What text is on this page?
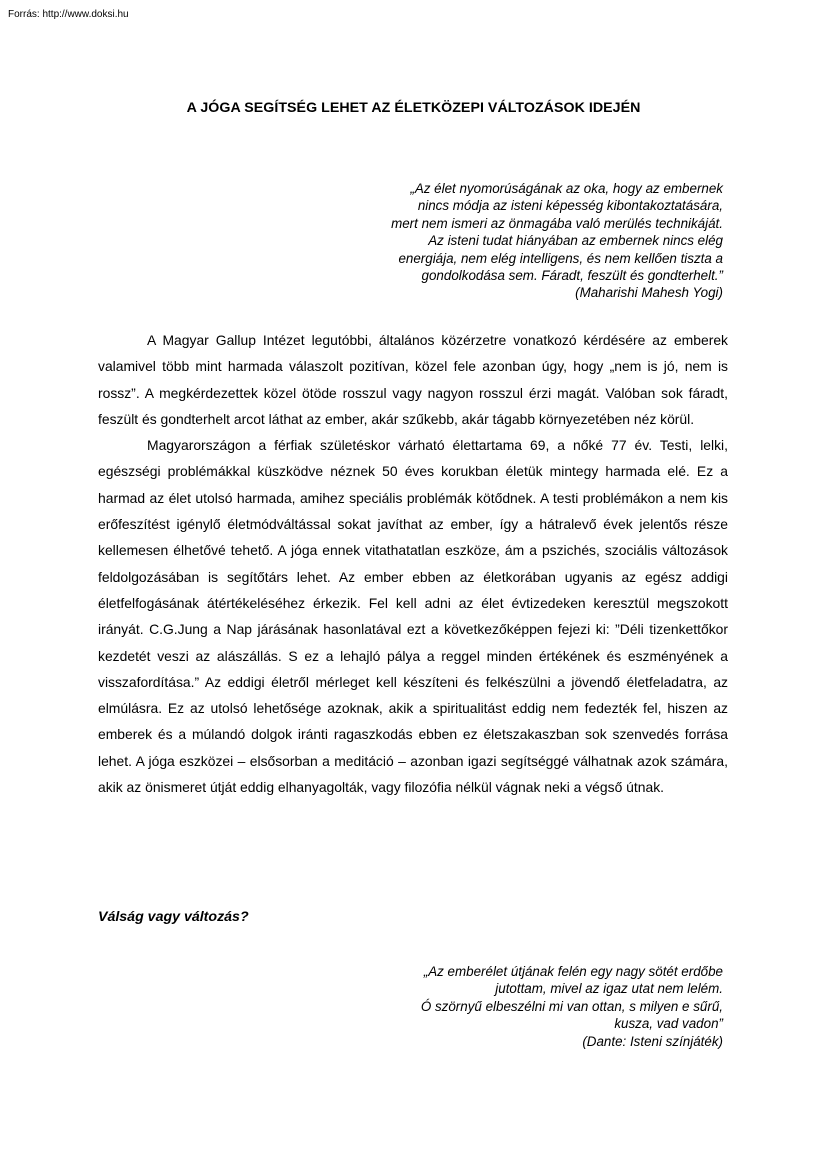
Forrás: http://www.doksi.hu
A JÓGA SEGÍTSÉG LEHET AZ ÉLETKÖZEPI VÁLTOZÁSOK IDEJÉN
„Az élet nyomorúságának az oka, hogy az embernek
nincs módja az isteni képesség kibontakoztatására,
mert nem ismeri az önmagába való merülés technikáját.
Az isteni tudat hiányában az embernek nincs elég
energiája, nem elég intelligens, és nem kellően tiszta a
gondolkodása sem. Fáradt, feszült és gondterhelt.”
(Maharishi Mahesh Yogi)

A Magyar Gallup Intézet legutóbbi, általános közérzetre vonatkozó kérdésére az emberek valamivel több mint harmada válaszolt pozitívan, közel fele azonban úgy, hogy „nem is jó, nem is rossz”. A megkérdezettek közel ötöde rosszul vagy nagyon rosszul érzi magát. Valóban sok fáradt, feszült és gondterhelt arcot láthat az ember, akár szűkebb, akár tágabb környezetében néz körül.

Magyarországon a férfiak születéskor várható élettartama 69, a nőké 77 év. Testi, lelki, egészségi problémákkal küszködve néznek 50 éves korukban életük mintegy harmada elé. Ez a harmad az élet utolsó harmada, amihez speciális problémák kötődnek. A testi problémákon a nem kis erőfeszítést igénylő életmódváltással sokat javíthat az ember, így a hátralevő évek jelentős része kellemesen élhetővé tehető. A jóga ennek vitathatatlan eszköze, ám a pszichés, szociális változások feldolgozásában is segítőtárs lehet. Az ember ebben az életkorában ugyanis az egész addigi életfelfogásának átértékeléséhez érkezik. Fel kell adni az élet évtizedeken keresztül megszokott irányát. C.G.Jung a Nap járásának hasonlatával ezt a következőképpen fejezi ki: ”Déli tizenkettőkor kezdetét veszi az alászállás. S ez a lehajló pálya a reggel minden értékének és eszményének a visszafordítása.” Az eddigi életről mérleget kell készíteni és felkészülni a jövendő életfeladatra, az elmúlásra. Ez az utolsó lehetősége azoknak, akik a spiritualitást eddig nem fedezték fel, hiszen az emberek és a múlandó dolgok iránti ragaszkodás ebben ez életszakaszban sok szenvedés forrása lehet. A jóga eszközei – elsősorban a meditáció – azonban igazi segítséggé válhatnak azok számára, akik az önismeret útját eddig elhanyagolták, vagy filozófia nélkül vágnak neki a végső útnak.

Válság vagy változás?
„Az emberélet útjának felén egy nagy sötét erdőbe
jutottam, mivel az igaz utat nem lelém.
Ó szörnyű elbeszélni mi van ottan, s milyen e sűrű,
kusza, vad vadon”
(Dante: Isteni színjáték)
